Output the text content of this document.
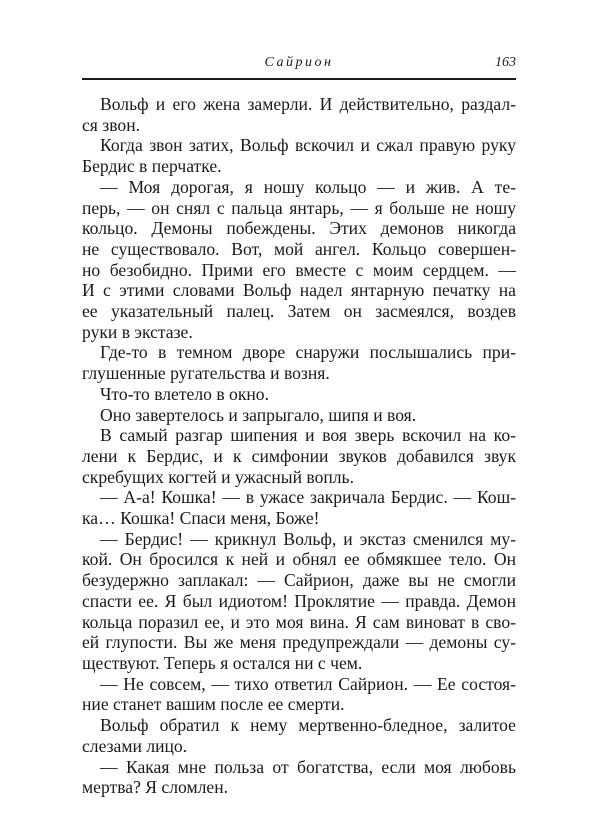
Сайрион	163
Вольф и его жена замерли. И действительно, раздал-
ся звон.
Когда звон затих, Вольф вскочил и сжал правую руку
Бердис в перчатке.
— Моя дорогая, я ношу кольцо — и жив. А те-
перь, — он снял с пальца янтарь, — я больше не ношу
кольцо. Демоны побеждены. Этих демонов никогда
не существовало. Вот, мой ангел. Кольцо совершен-
но безобидно. Прими его вместе с моим сердцем. —
И с этими словами Вольф надел янтарную печатку на
ее указательный палец. Затем он засмеялся, воздев
руки в экстазе.
Где-то в темном дворе снаружи послышались при-
глушенные ругательства и возня.
Что-то влетело в окно.
Оно завертелось и запрыгало, шипя и воя.
В самый разгар шипения и воя зверь вскочил на ко-
лени к Бердис, и к симфонии звуков добавился звук
скребущих когтей и ужасный вопль.
— А-а! Кошка! — в ужасе закричала Бердис. — Кош-
ка… Кошка! Спаси меня, Боже!
— Бердис! — крикнул Вольф, и экстаз сменился му-
кой. Он бросился к ней и обнял ее обмякшее тело. Он
безудержно заплакал: — Сайрион, даже вы не смогли
спасти ее. Я был идиотом! Проклятие — правда. Демон
кольца поразил ее, и это моя вина. Я сам виноват в сво-
ей глупости. Вы же меня предупреждали — демоны су-
ществуют. Теперь я остался ни с чем.
— Не совсем, — тихо ответил Сайрион. — Ее состоя-
ние станет вашим после ее смерти.
Вольф обратил к нему мертвенно-бледное, залитое
слезами лицо.
— Какая мне польза от богатства, если моя любовь
мертва? Я сломлен.
